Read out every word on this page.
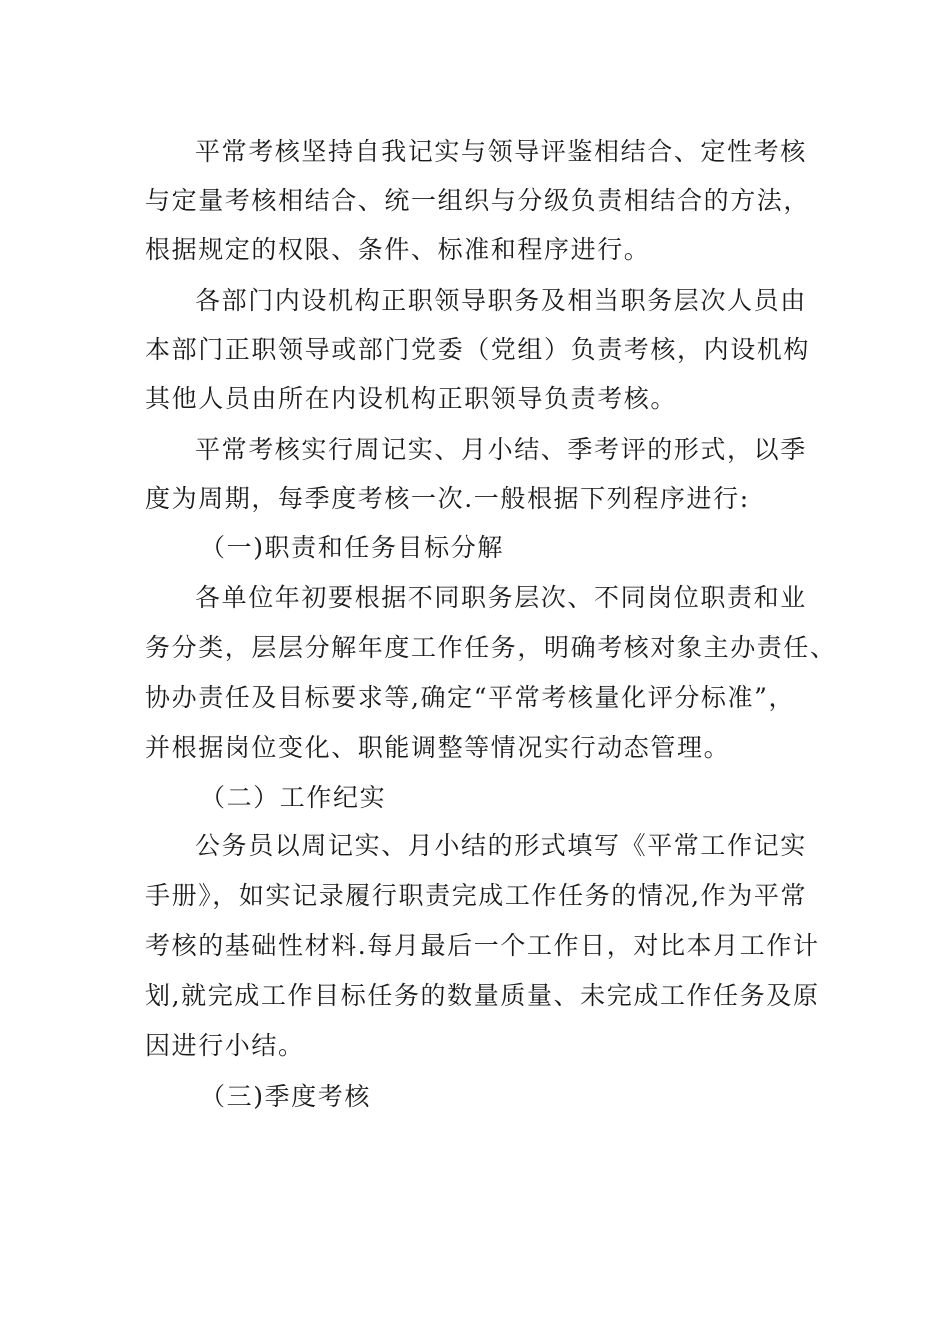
平常考核坚持自我记实与领导评鉴相结合、定性考核
与定量考核相结合、统一组织与分级负责相结合的方法，
根据规定的权限、条件、标准和程序进行。
各部门内设机构正职领导职务及相当职务层次人员由
本部门正职领导或部门党委（党组）负责考核，内设机构
其他人员由所在内设机构正职领导负责考核。
平常考核实行周记实、月小结、季考评的形式，以季
度为周期，每季度考核一次.一般根据下列程序进行:
（一)职责和任务目标分解
各单位年初要根据不同职务层次、不同岗位职责和业
务分类，层层分解年度工作任务，明确考核对象主办责任、
协办责任及目标要求等,确定“平常考核量化评分标准”，
并根据岗位变化、职能调整等情况实行动态管理。
（二）工作纪实
公务员以周记实、月小结的形式填写《平常工作记实
手册》，如实记录履行职责完成工作任务的情况,作为平常
考核的基础性材料.每月最后一个工作日，对比本月工作计
划,就完成工作目标任务的数量质量、未完成工作任务及原
因进行小结。
（三)季度考核
